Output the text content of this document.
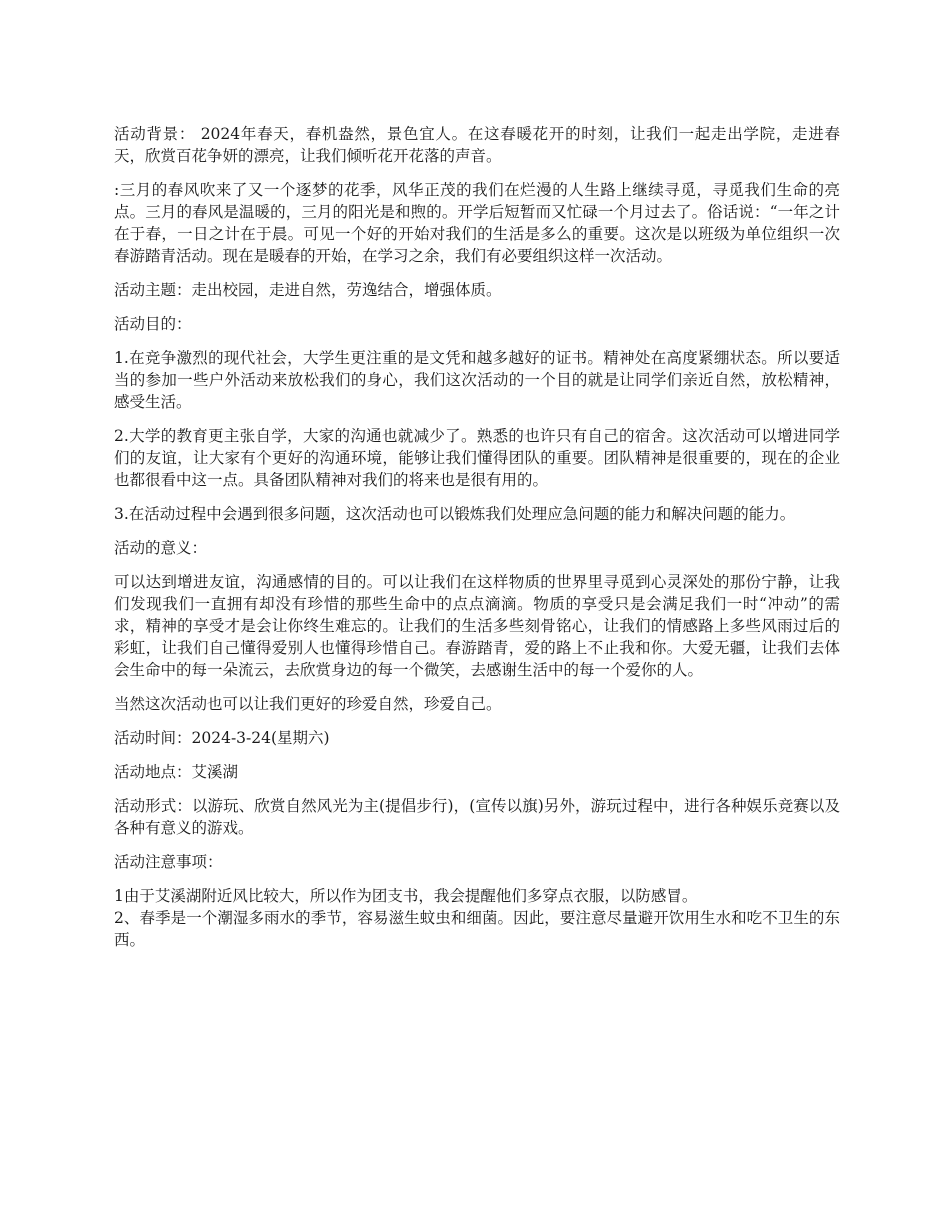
活动背景： 2024年春天，春机盎然，景色宜人。在这春暖花开的时刻，让我们一起走出学院，走进春天，欣赏百花争妍的漂亮，让我们倾听花开花落的声音。

:三月的春风吹来了又一个逐梦的花季，风华正茂的我们在烂漫的人生路上继续寻觅，寻觅我们生命的亮点。三月的春风是温暖的，三月的阳光是和煦的。开学后短暂而又忙碌一个月过去了。俗话说：“一年之计在于春，一日之计在于晨。可见一个好的开始对我们的生活是多么的重要。这次是以班级为单位组织一次春游踏青活动。现在是暖春的开始，在学习之余，我们有必要组织这样一次活动。

活动主题：走出校园，走进自然，劳逸结合，增强体质。

活动目的：

1.在竞争激烈的现代社会，大学生更注重的是文凭和越多越好的证书。精神处在高度紧绷状态。所以要适当的参加一些户外活动来放松我们的身心，我们这次活动的一个目的就是让同学们亲近自然，放松精神，感受生活。

2.大学的教育更主张自学，大家的沟通也就减少了。熟悉的也许只有自己的宿舍。这次活动可以增进同学们的友谊，让大家有个更好的沟通环境，能够让我们懂得团队的重要。团队精神是很重要的，现在的企业也都很看中这一点。具备团队精神对我们的将来也是很有用的。

3.在活动过程中会遇到很多问题，这次活动也可以锻炼我们处理应急问题的能力和解决问题的能力。

活动的意义：

可以达到增进友谊，沟通感情的目的。可以让我们在这样物质的世界里寻觅到心灵深处的那份宁静，让我们发现我们一直拥有却没有珍惜的那些生命中的点点滴滴。物质的享受只是会满足我们一时“冲动”的需求，精神的享受才是会让你终生难忘的。让我们的生活多些刻骨铭心，让我们的情感路上多些风雨过后的彩虹，让我们自己懂得爱别人也懂得珍惜自己。春游踏青，爱的路上不止我和你。大爱无疆，让我们去体会生命中的每一朵流云，去欣赏身边的每一个微笑，去感谢生活中的每一个爱你的人。

当然这次活动也可以让我们更好的珍爱自然，珍爱自己。

活动时间：2024-3-24(星期六)

活动地点：艾溪湖

活动形式：以游玩、欣赏自然风光为主(提倡步行)，(宣传以旗)另外，游玩过程中，进行各种娱乐竞赛以及各种有意义的游戏。

活动注意事项：

1由于艾溪湖附近风比较大，所以作为团支书，我会提醒他们多穿点衣服，以防感冒。

2、春季是一个潮湿多雨水的季节，容易滋生蚊虫和细菌。因此，要注意尽量避开饮用生水和吃不卫生的东西。
